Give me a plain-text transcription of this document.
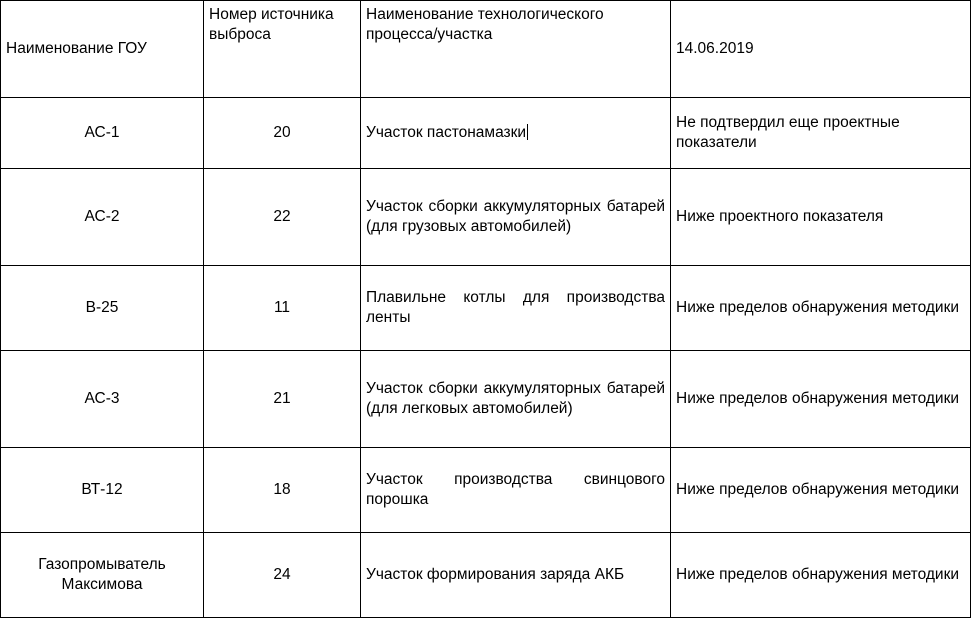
Наименование ГОУ	Номер источника выброса	Наименование технологического процесса/участка	14.06.2019
АС-1	20	Участок пастонамазки	Не подтвердил еще проектные показатели
АС-2	22	Участок сборки аккумуляторных батарей (для грузовых автомобилей)	Ниже проектного показателя
В-25	11	Плавильне котлы для производства ленты	Ниже пределов обнаружения методики
АС-3	21	Участок сборки аккумуляторных батарей (для легковых автомобилей)	Ниже пределов обнаружения методики
ВТ-12	18	Участок производства свинцового порошка	Ниже пределов обнаружения методики
Газопромыватель Максимова	24	Участок формирования заряда АКБ	Ниже пределов обнаружения методики
